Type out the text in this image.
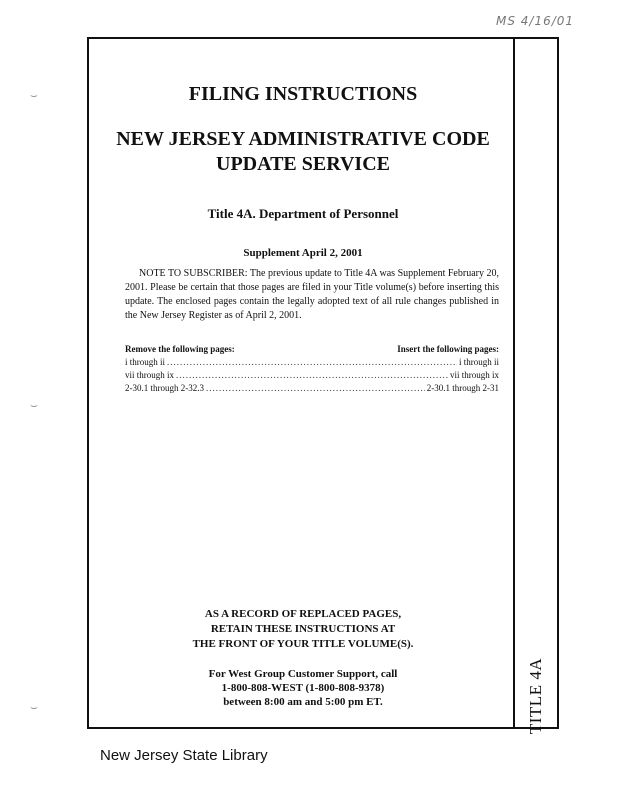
MS 4/16/01
⌣
⌣
⌣
FILING INSTRUCTIONS
NEW JERSEY ADMINISTRATIVE CODE
UPDATE SERVICE
Title 4A. Department of Personnel
Supplement April 2, 2001
NOTE TO SUBSCRIBER: The previous update to Title 4A was Supplement February 20, 2001. Please be certain that those pages are filed in your Title volume(s) before inserting this update. The enclosed pages contain the legally adopted text of all rule changes published in the New Jersey Register as of April 2, 2001.
Remove the following pages:	Insert the following pages:
i through ii .....	i through ii
vii through ix .....	vii through ix
2-30.1 through 2-32.3 .....	2-30.1 through 2-31
AS A RECORD OF REPLACED PAGES,
RETAIN THESE INSTRUCTIONS AT
THE FRONT OF YOUR TITLE VOLUME(S).
For West Group Customer Support, call
1-800-808-WEST (1-800-808-9378)
between 8:00 am and 5:00 pm ET.	TITLE 4A
New Jersey State Library
